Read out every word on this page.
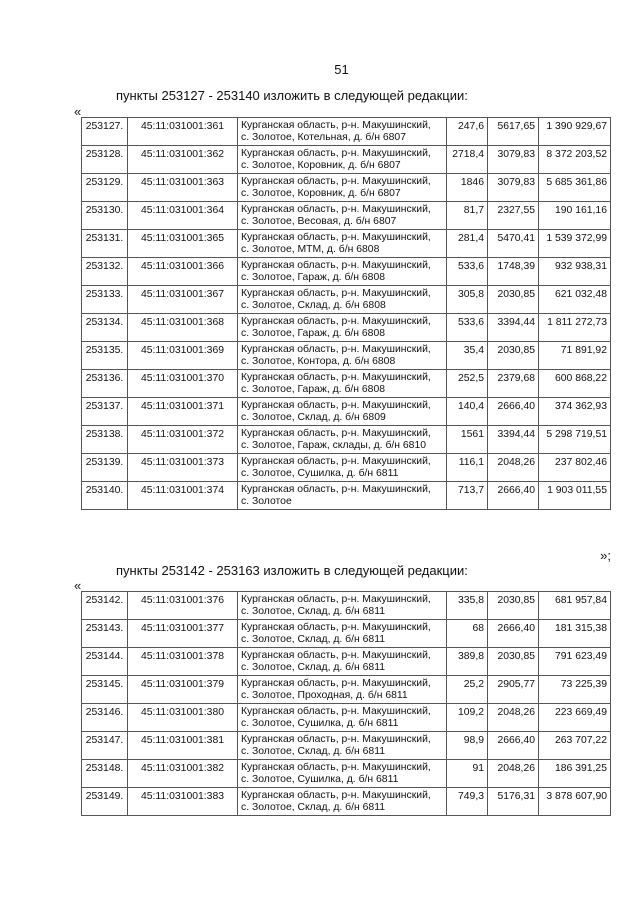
51
пункты 253127 - 253140 изложить в следующей редакции:
«
253127.	45:11:031001:361	Курганская область, р-н. Макушинский,
с. Золотое, Котельная, д. б/н 6807	247,6	5617,65	1 390 929,67
253128.	45:11:031001:362	Курганская область, р-н. Макушинский,
с. Золотое, Коровник, д. б/н 6807	2718,4	3079,83	8 372 203,52
253129.	45:11:031001:363	Курганская область, р-н. Макушинский,
с. Золотое, Коровник, д. б/н 6807	1846	3079,83	5 685 361,86
253130.	45:11:031001:364	Курганская область, р-н. Макушинский,
с. Золотое, Весовая, д. б/н 6807	81,7	2327,55	190 161,16
253131.	45:11:031001:365	Курганская область, р-н. Макушинский,
с. Золотое, МТМ, д. б/н 6808	281,4	5470,41	1 539 372,99
253132.	45:11:031001:366	Курганская область, р-н. Макушинский,
с. Золотое, Гараж, д. б/н 6808	533,6	1748,39	932 938,31
253133.	45:11:031001:367	Курганская область, р-н. Макушинский,
с. Золотое, Склад, д. б/н 6808	305,8	2030,85	621 032,48
253134.	45:11:031001:368	Курганская область, р-н. Макушинский,
с. Золотое, Гараж, д. б/н 6808	533,6	3394,44	1 811 272,73
253135.	45:11:031001:369	Курганская область, р-н. Макушинский,
с. Золотое, Контора, д. б/н 6808	35,4	2030,85	71 891,92
253136.	45:11:031001:370	Курганская область, р-н. Макушинский,
с. Золотое, Гараж, д. б/н 6808	252,5	2379,68	600 868,22
253137.	45:11:031001:371	Курганская область, р-н. Макушинский,
с. Золотое, Склад, д. б/н 6809	140,4	2666,40	374 362,93
253138.	45:11:031001:372	Курганская область, р-н. Макушинский,
с. Золотое, Гараж, склады, д. б/н 6810	1561	3394,44	5 298 719,51
253139.	45:11:031001:373	Курганская область, р-н. Макушинский,
с. Золотое, Сушилка, д. б/н 6811	116,1	2048,26	237 802,46
253140.	45:11:031001:374	Курганская область, р-н. Макушинский,
с. Золотое	713,7	2666,40	1 903 011,55
»;
пункты 253142 - 253163 изложить в следующей редакции:
«
253142.	45:11:031001:376	Курганская область, р-н. Макушинский,
с. Золотое, Склад, д. б/н 6811	335,8	2030,85	681 957,84
253143.	45:11:031001:377	Курганская область, р-н. Макушинский,
с. Золотое, Склад, д. б/н 6811	68	2666,40	181 315,38
253144.	45:11:031001:378	Курганская область, р-н. Макушинский,
с. Золотое, Склад, д. б/н 6811	389,8	2030,85	791 623,49
253145.	45:11:031001:379	Курганская область, р-н. Макушинский,
с. Золотое, Проходная, д. б/н 6811	25,2	2905,77	73 225,39
253146.	45:11:031001:380	Курганская область, р-н. Макушинский,
с. Золотое, Сушилка, д. б/н 6811	109,2	2048,26	223 669,49
253147.	45:11:031001:381	Курганская область, р-н. Макушинский,
с. Золотое, Склад, д. б/н 6811	98,9	2666,40	263 707,22
253148.	45:11:031001:382	Курганская область, р-н. Макушинский,
с. Золотое, Сушилка, д. б/н 6811	91	2048,26	186 391,25
253149.	45:11:031001:383	Курганская область, р-н. Макушинский,
с. Золотое, Склад, д. б/н 6811	749,3	5176,31	3 878 607,90
